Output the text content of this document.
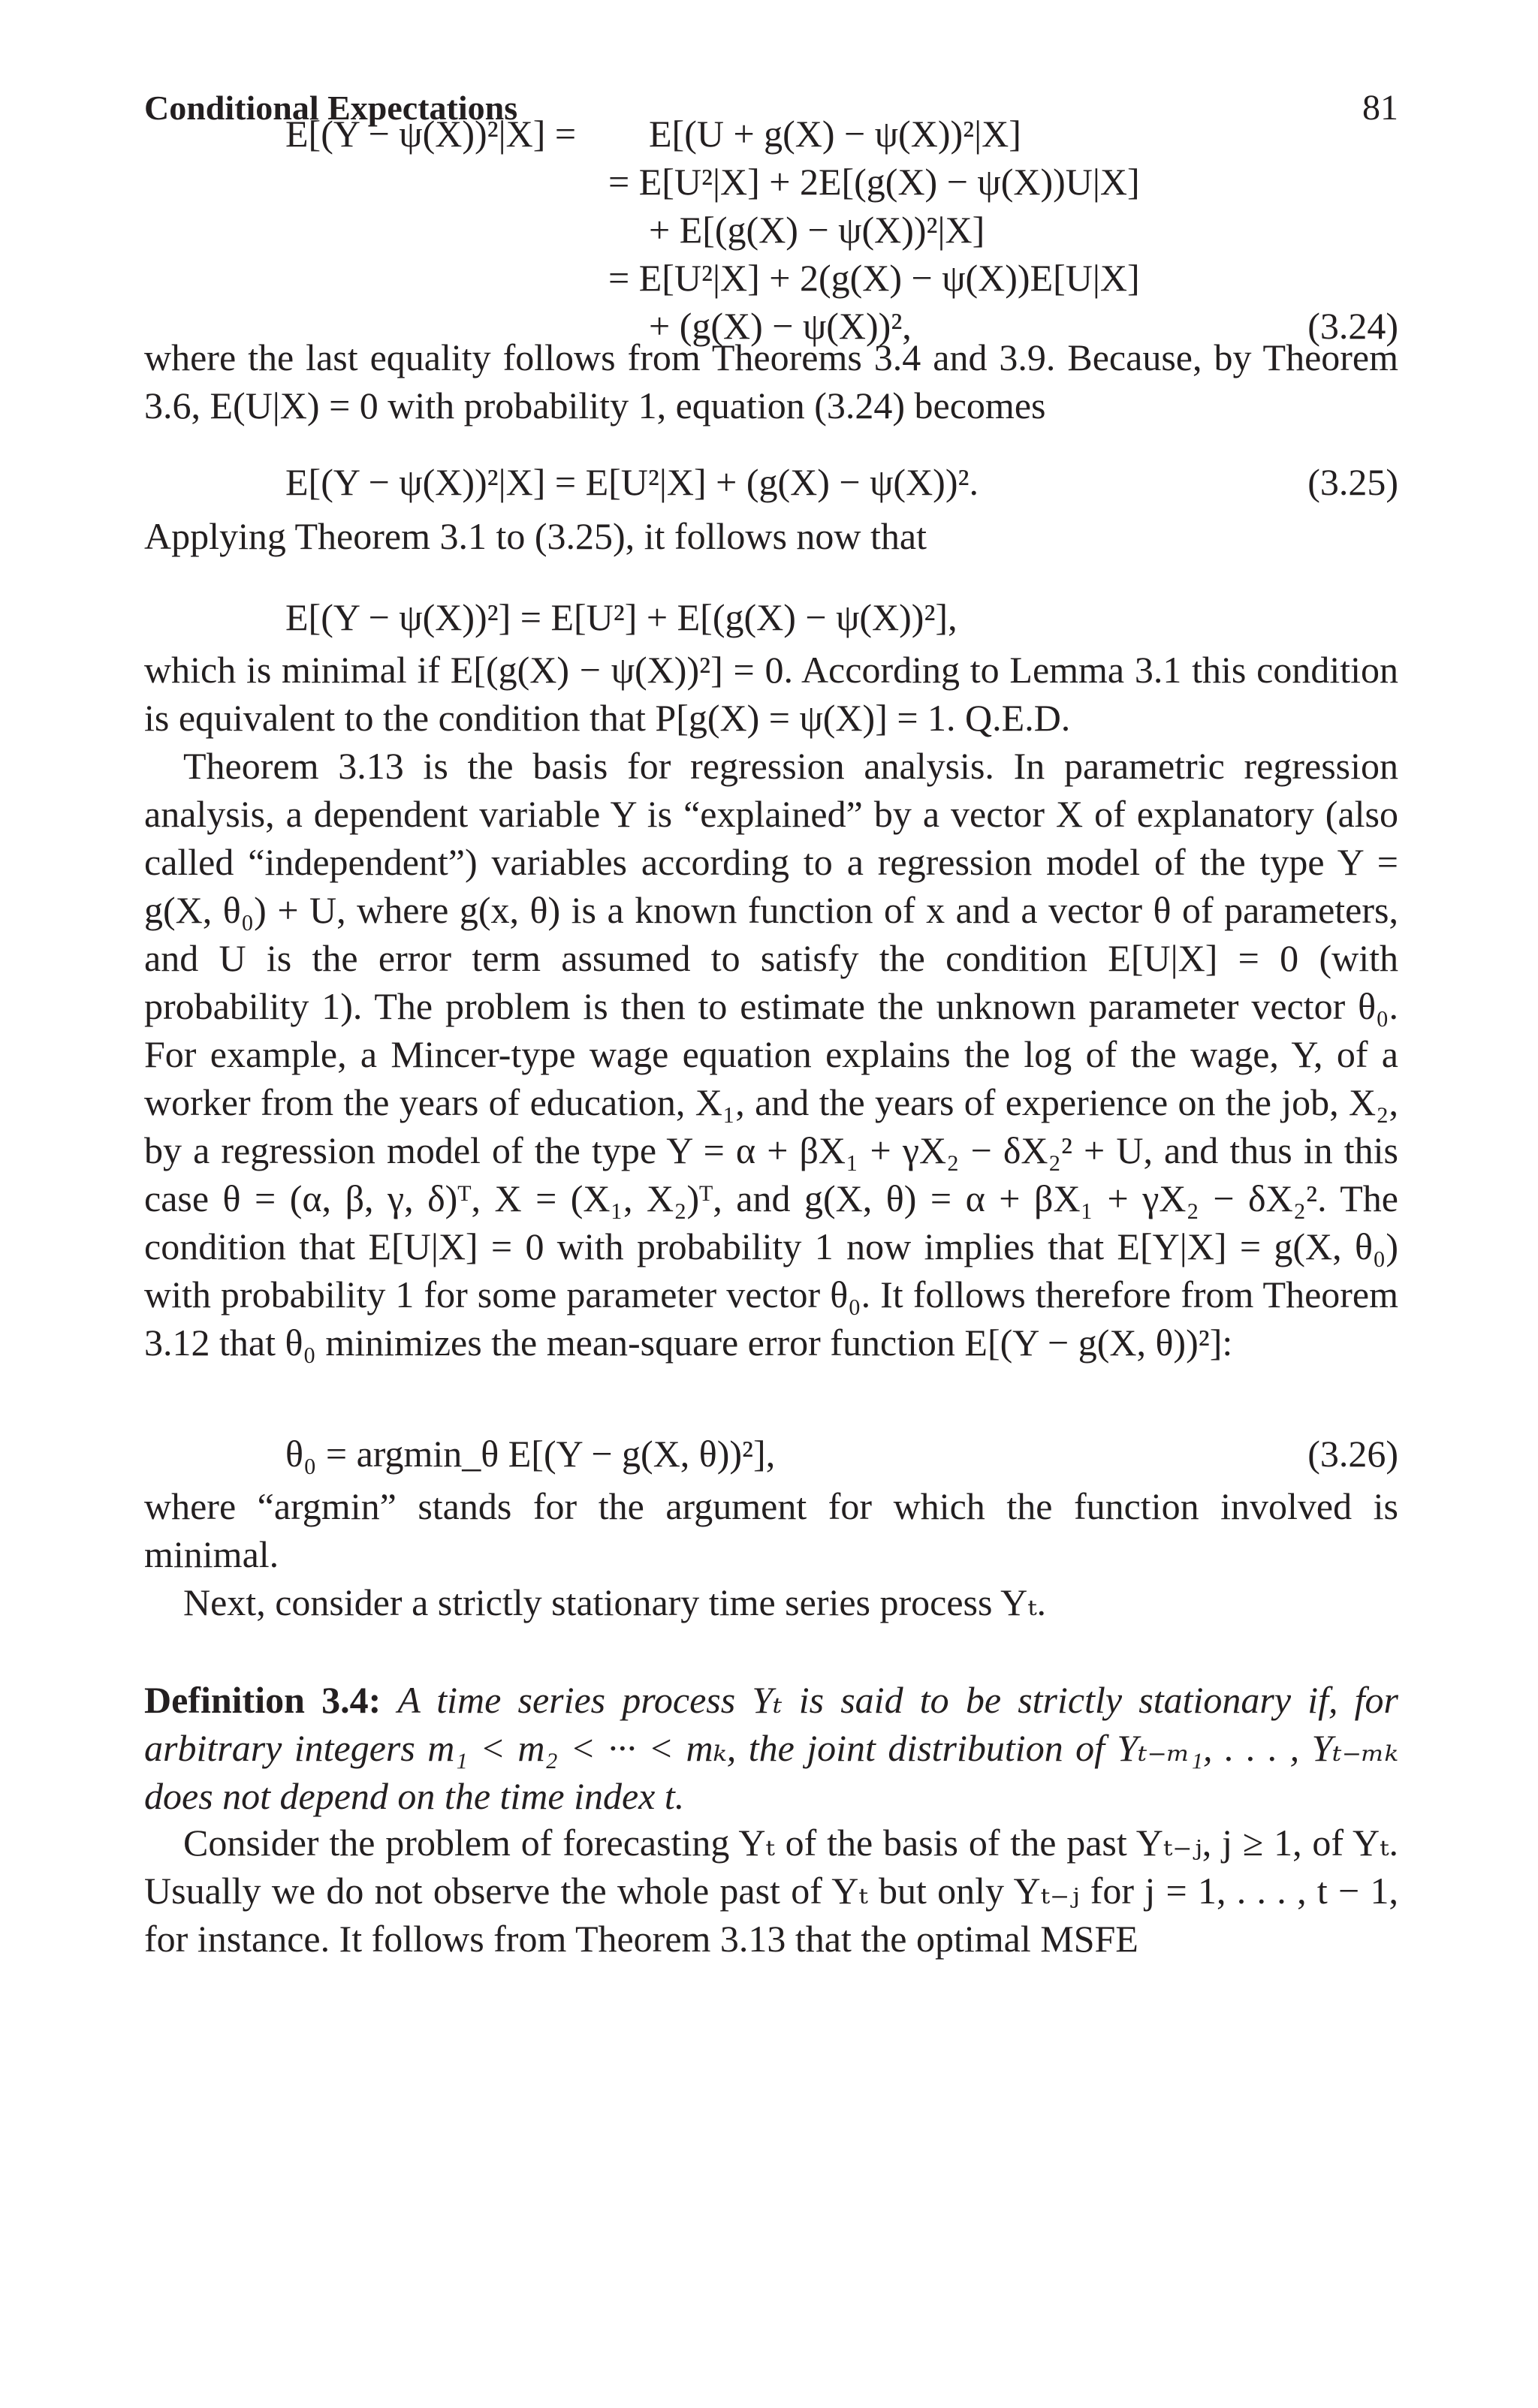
Conditional Expectations	81
E[(Y − ψ(X))²|X] = E[(U + g(X) − ψ(X))²|X]
= E[U²|X] + 2E[(g(X) − ψ(X))U|X]
+ E[(g(X) − ψ(X))²|X]
= E[U²|X] + 2(g(X) − ψ(X))E[U|X]
+ (g(X) − ψ(X))²,	(3.24)

where the last equality follows from Theorems 3.4 and 3.9. Because, by Theorem 3.6, E(U|X) = 0 with probability 1, equation (3.24) becomes

E[(Y − ψ(X))²|X] = E[U²|X] + (g(X) − ψ(X))².	(3.25)

Applying Theorem 3.1 to (3.25), it follows now that

E[(Y − ψ(X))²] = E[U²] + E[(g(X) − ψ(X))²],

which is minimal if E[(g(X) − ψ(X))²] = 0. According to Lemma 3.1 this condition is equivalent to the condition that P[g(X) = ψ(X)] = 1. Q.E.D.

Theorem 3.13 is the basis for regression analysis. In parametric regression analysis, a dependent variable Y is “explained” by a vector X of explanatory (also called “independent”) variables according to a regression model of the type Y = g(X, θ₀) + U, where g(x, θ) is a known function of x and a vector θ of parameters, and U is the error term assumed to satisfy the condition E[U|X] = 0 (with probability 1). The problem is then to estimate the unknown parameter vector θ₀. For example, a Mincer-type wage equation explains the log of the wage, Y, of a worker from the years of education, X₁, and the years of experience on the job, X₂, by a regression model of the type Y = α + βX₁ + γX₂ − δX₂² + U, and thus in this case θ = (α, β, γ, δ)ᵀ, X = (X₁, X₂)ᵀ, and g(X, θ) = α + βX₁ + γX₂ − δX₂². The condition that E[U|X] = 0 with probability 1 now implies that E[Y|X] = g(X, θ₀) with probability 1 for some parameter vector θ₀. It follows therefore from Theorem 3.12 that θ₀ minimizes the mean-square error function E[(Y − g(X, θ))²]:

θ₀ = argmin_θ E[(Y − g(X, θ))²],	(3.26)

where “argmin” stands for the argument for which the function involved is minimal.

Next, consider a strictly stationary time series process Yₜ.

Definition 3.4: A time series process Yₜ is said to be strictly stationary if, for arbitrary integers m₁ < m₂ < ··· < mₖ, the joint distribution of Yₜ₋ₘ₁, . . . , Yₜ₋ₘₖ does not depend on the time index t.

Consider the problem of forecasting Yₜ of the basis of the past Yₜ₋ⱼ, j ≥ 1, of Yₜ. Usually we do not observe the whole past of Yₜ but only Yₜ₋ⱼ for j = 1, . . . , t − 1, for instance. It follows from Theorem 3.13 that the optimal MSFE
